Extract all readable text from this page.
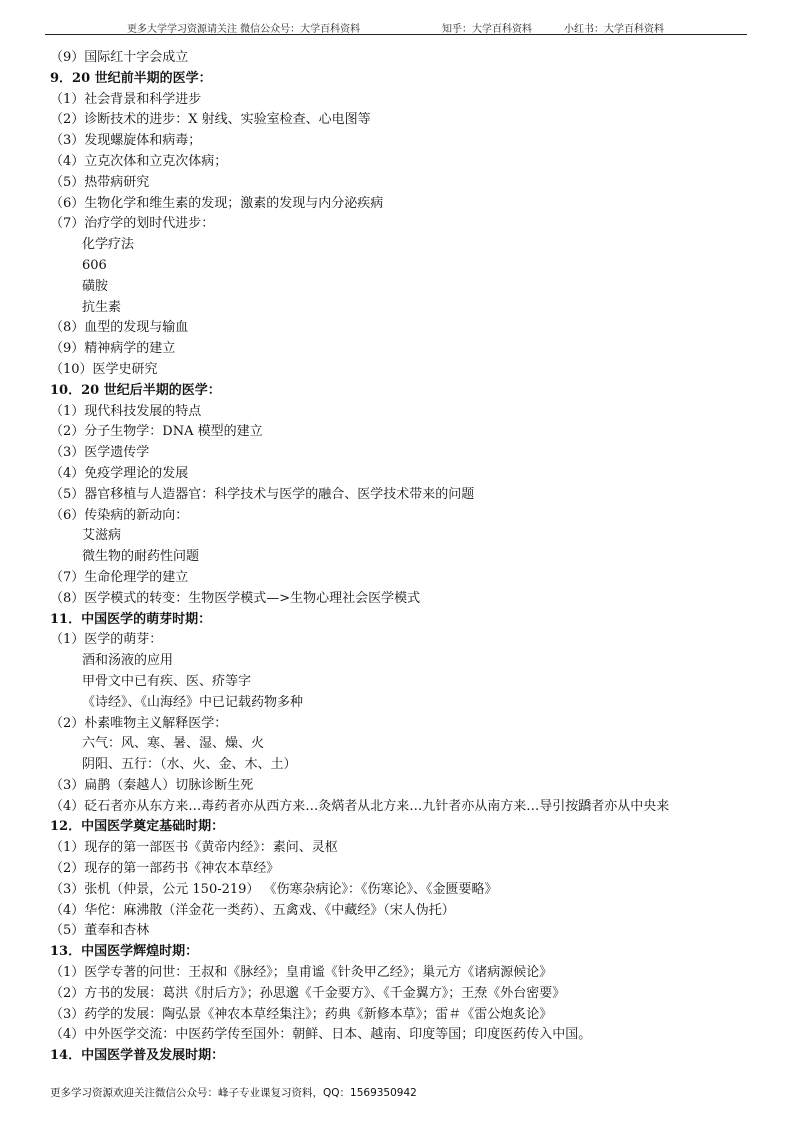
更多大学学习资源请关注 微信公众号：大学百科资料	知乎：大学百科资料	小红书：大学百科资料
（9）国际红十字会成立
9．20 世纪前半期的医学：
（1）社会背景和科学进步
（2）诊断技术的进步：X 射线、实验室检查、心电图等
（3）发现螺旋体和病毒；
（4）立克次体和立克次体病；
（5）热带病研究
（6）生物化学和维生素的发现；激素的发现与内分泌疾病
（7）治疗学的划时代进步：
化学疗法
606
磺胺
抗生素
（8）血型的发现与输血
（9）精神病学的建立
（10）医学史研究
10．20 世纪后半期的医学：
（1）现代科技发展的特点
（2）分子生物学：DNA 模型的建立
（3）医学遗传学
（4）免疫学理论的发展
（5）器官移植与人造器官：科学技术与医学的融合、医学技术带来的问题
（6）传染病的新动向：
艾滋病
微生物的耐药性问题
（7）生命伦理学的建立
（8）医学模式的转变：生物医学模式—>生物心理社会医学模式
11．中国医学的萌芽时期：
（1）医学的萌芽：
酒和汤液的应用
甲骨文中已有疾、医、疥等字
《诗经》、《山海经》中已记载药物多种
（2）朴素唯物主义解释医学：
六气：风、寒、暑、湿、燥、火
阴阳、五行：（水、火、金、木、土）
（3）扁鹊（秦越人）切脉诊断生死
（4）砭石者亦从东方来…毒药者亦从西方来…灸焫者从北方来…九针者亦从南方来…导引按蹻者亦从中央来
12．中国医学奠定基础时期：
（1）现存的第一部医书《黄帝内经》：素问、灵枢
（2）现存的第一部药书《神农本草经》
（3）张机（仲景，公元 150-219） 《伤寒杂病论》：《伤寒论》、《金匮要略》
（4）华佗：麻沸散（洋金花一类药）、五禽戏、《中藏经》（宋人伪托）
（5）董奉和杏林
13．中国医学辉煌时期：
（1）医学专著的问世：王叔和《脉经》；皇甫谧《针灸甲乙经》；巢元方《诸病源候论》
（2）方书的发展：葛洪《肘后方》；孙思邈《千金要方》、《千金翼方》；王焘《外台密要》
（3）药学的发展：陶弘景《神农本草经集注》；药典《新修本草》；雷＃《雷公炮炙论》
（4）中外医学交流：中医药学传至国外：朝鲜、日本、越南、印度等国；印度医药传入中国。
14．中国医学普及发展时期：
更多学习资源欢迎关注微信公众号：峰子专业课复习资料，QQ：1569350942
